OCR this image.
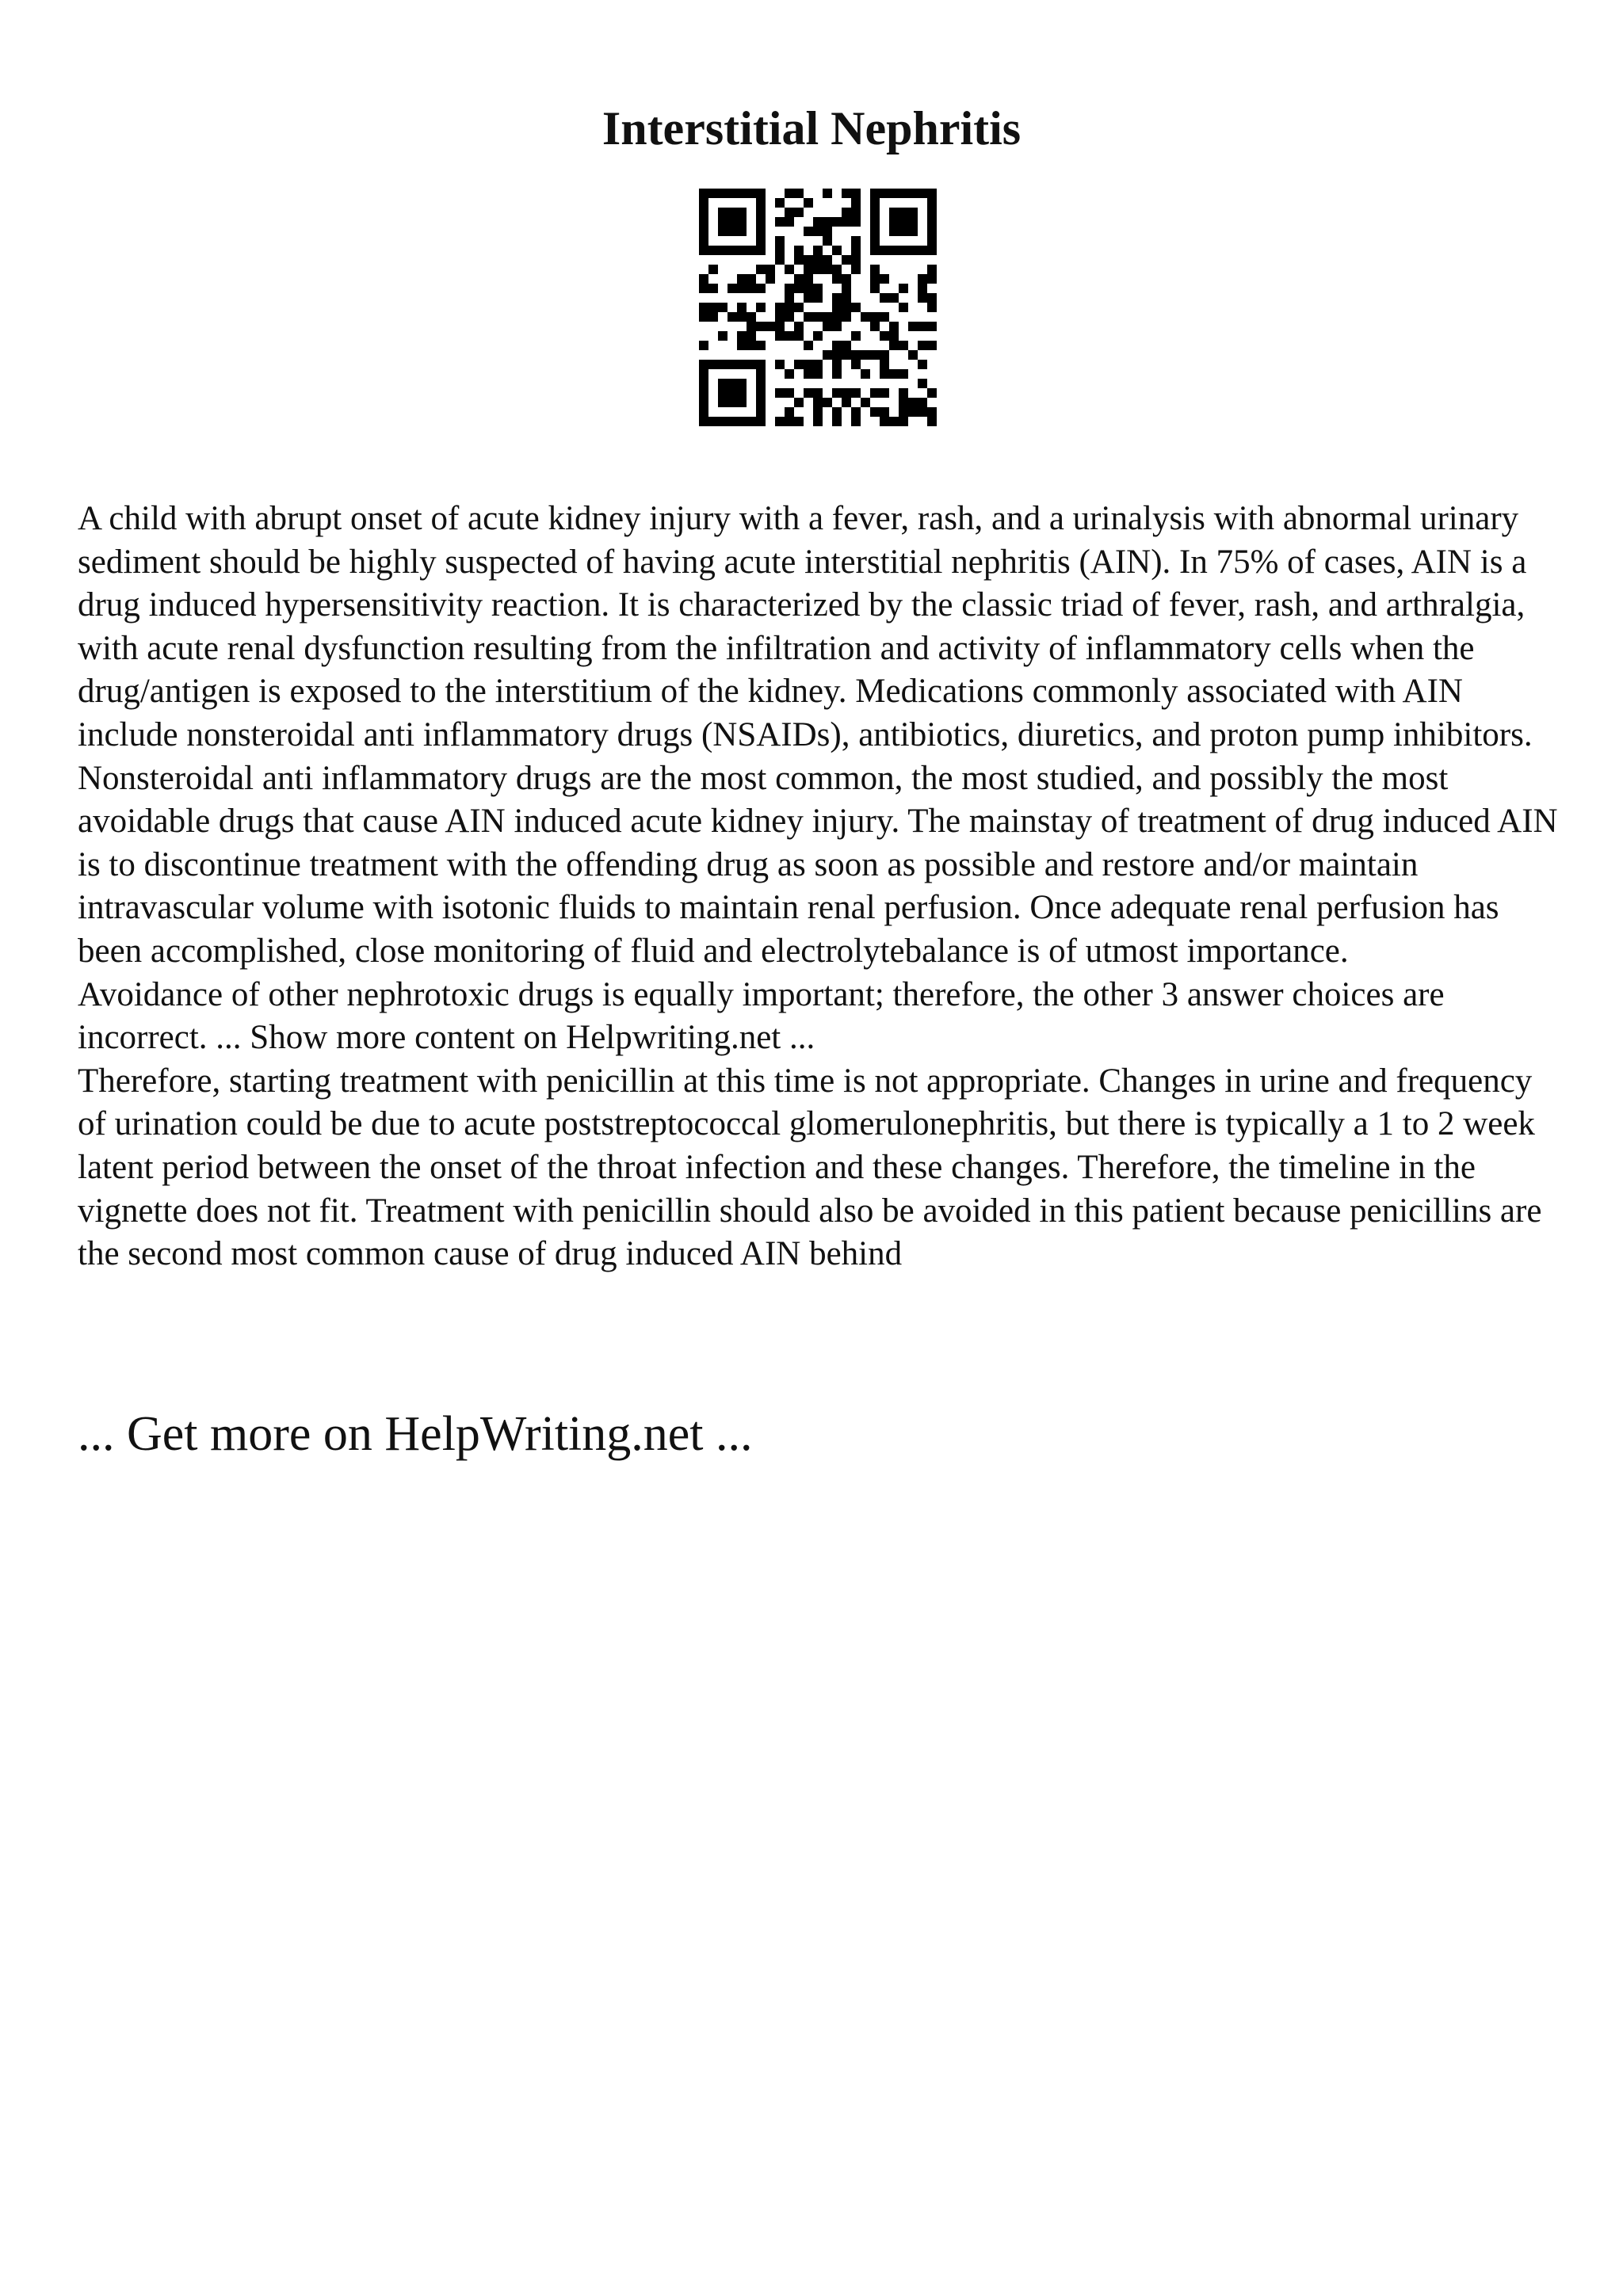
Interstitial Nephritis

A child with abrupt onset of acute kidney injury with a fever, rash, and a urinalysis with abnormal urinary sediment should be highly suspected of having acute interstitial nephritis (AIN). In 75% of cases, AIN is a drug induced hypersensitivity reaction. It is characterized by the classic triad of fever, rash, and arthralgia, with acute renal dysfunction resulting from the infiltration and activity of inflammatory cells when the drug/antigen is exposed to the interstitium of the kidney. Medications commonly associated with AIN include nonsteroidal anti inflammatory drugs (NSAIDs), antibiotics, diuretics, and proton pump inhibitors. Nonsteroidal anti inflammatory drugs are the most common, the most studied, and possibly the most avoidable drugs that cause AIN induced acute kidney injury. The mainstay of treatment of drug induced AIN is to discontinue treatment with the offending drug as soon as possible and restore and/or maintain intravascular volume with isotonic fluids to maintain renal perfusion. Once adequate renal perfusion has been accomplished, close monitoring of fluid and electrolytebalance is of utmost importance.

Avoidance of other nephrotoxic drugs is equally important; therefore, the other 3 answer choices are incorrect. ... Show more content on Helpwriting.net ...

Therefore, starting treatment with penicillin at this time is not appropriate. Changes in urine and frequency of urination could be due to acute poststreptococcal glomerulonephritis, but there is typically a 1 to 2 week latent period between the onset of the throat infection and these changes. Therefore, the timeline in the vignette does not fit. Treatment with penicillin should also be avoided in this patient because penicillins are the second most common cause of drug induced AIN behind

... Get more on HelpWriting.net ...
